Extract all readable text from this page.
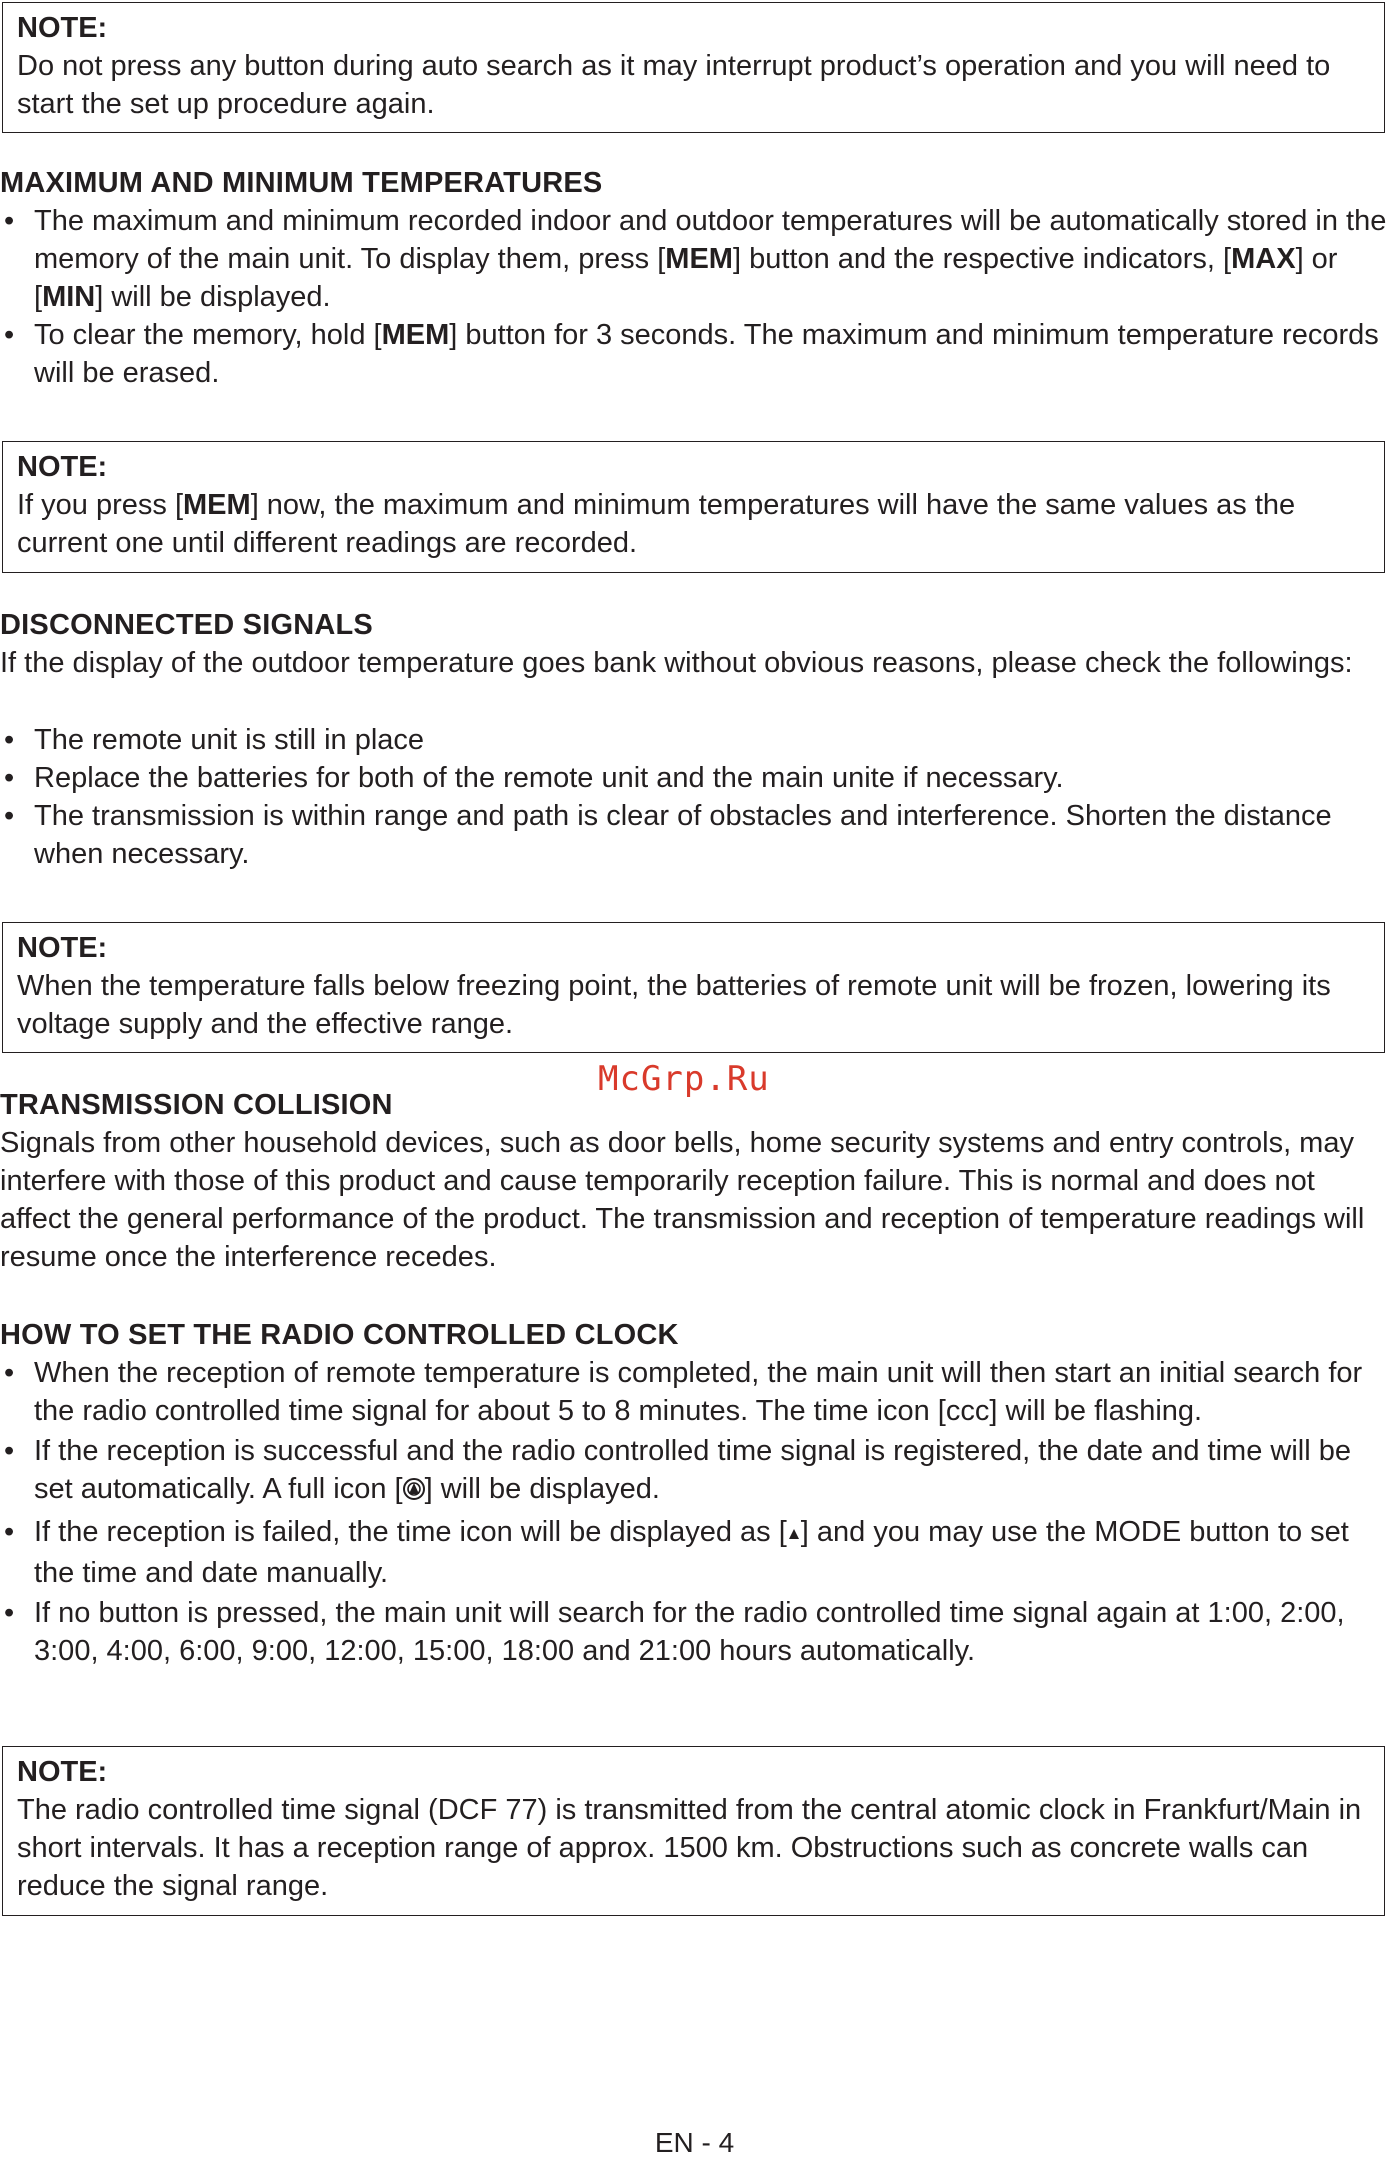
NOTE:
Do not press any button during auto search as it may interrupt product’s operation and you will need to start the set up procedure again.
MAXIMUM AND MINIMUM TEMPERATURES
• The maximum and minimum recorded indoor and outdoor temperatures will be automatically stored in the memory of the main unit. To display them, press [MEM] button and the respective indicators, [MAX] or [MIN] will be displayed.
• To clear the memory, hold [MEM] button for 3 seconds. The maximum and minimum temperature records will be erased.
NOTE:
If you press [MEM] now, the maximum and minimum temperatures will have the same values as the current one until different readings are recorded.
DISCONNECTED SIGNALS
If the display of the outdoor temperature goes bank without obvious reasons, please check the followings:
• The remote unit is still in place
• Replace the batteries for both of the remote unit and the main unite if necessary.
• The transmission is within range and path is clear of obstacles and interference. Shorten the distance when necessary.
NOTE:
When the temperature falls below freezing point, the batteries of remote unit will be frozen, lowering its voltage supply and the effective range.
McGrp.Ru
TRANSMISSION COLLISION
Signals from other household devices, such as door bells, home security systems and entry controls, may interfere with those of this product and cause temporarily reception failure. This is normal and does not affect the general performance of the product. The transmission and reception of temperature readings will resume once the interference recedes.
HOW TO SET THE RADIO CONTROLLED CLOCK
• When the reception of remote temperature is completed, the main unit will then start an initial search for the radio controlled time signal for about 5 to 8 minutes. The time icon [ccc] will be flashing.
• If the reception is successful and the radio controlled time signal is registered, the date and time will be set automatically. A full icon [ ] will be displayed.
• If the reception is failed, the time icon will be displayed as [ ] and you may use the MODE button to set the time and date manually.
• If no button is pressed, the main unit will search for the radio controlled time signal again at 1:00, 2:00, 3:00, 4:00, 6:00, 9:00, 12:00, 15:00, 18:00 and 21:00 hours automatically.
NOTE:
The radio controlled time signal (DCF 77) is transmitted from the central atomic clock in Frankfurt/Main in short intervals. It has a reception range of approx. 1500 km. Obstructions such as concrete walls can reduce the signal range.
EN - 4
